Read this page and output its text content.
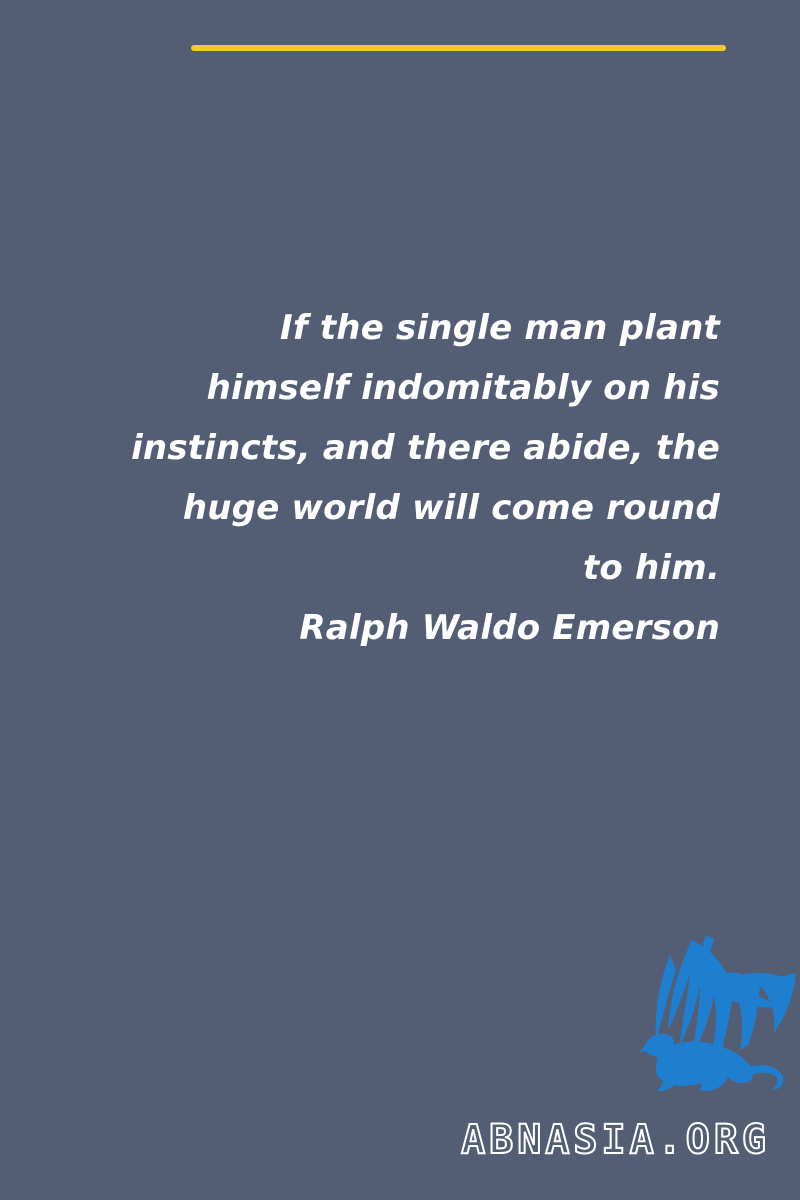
If the single man plant
himself indomitably on his
instincts, and there abide, the
huge world will come round
to him.
Ralph Waldo Emerson
ABNASIA.ORG
